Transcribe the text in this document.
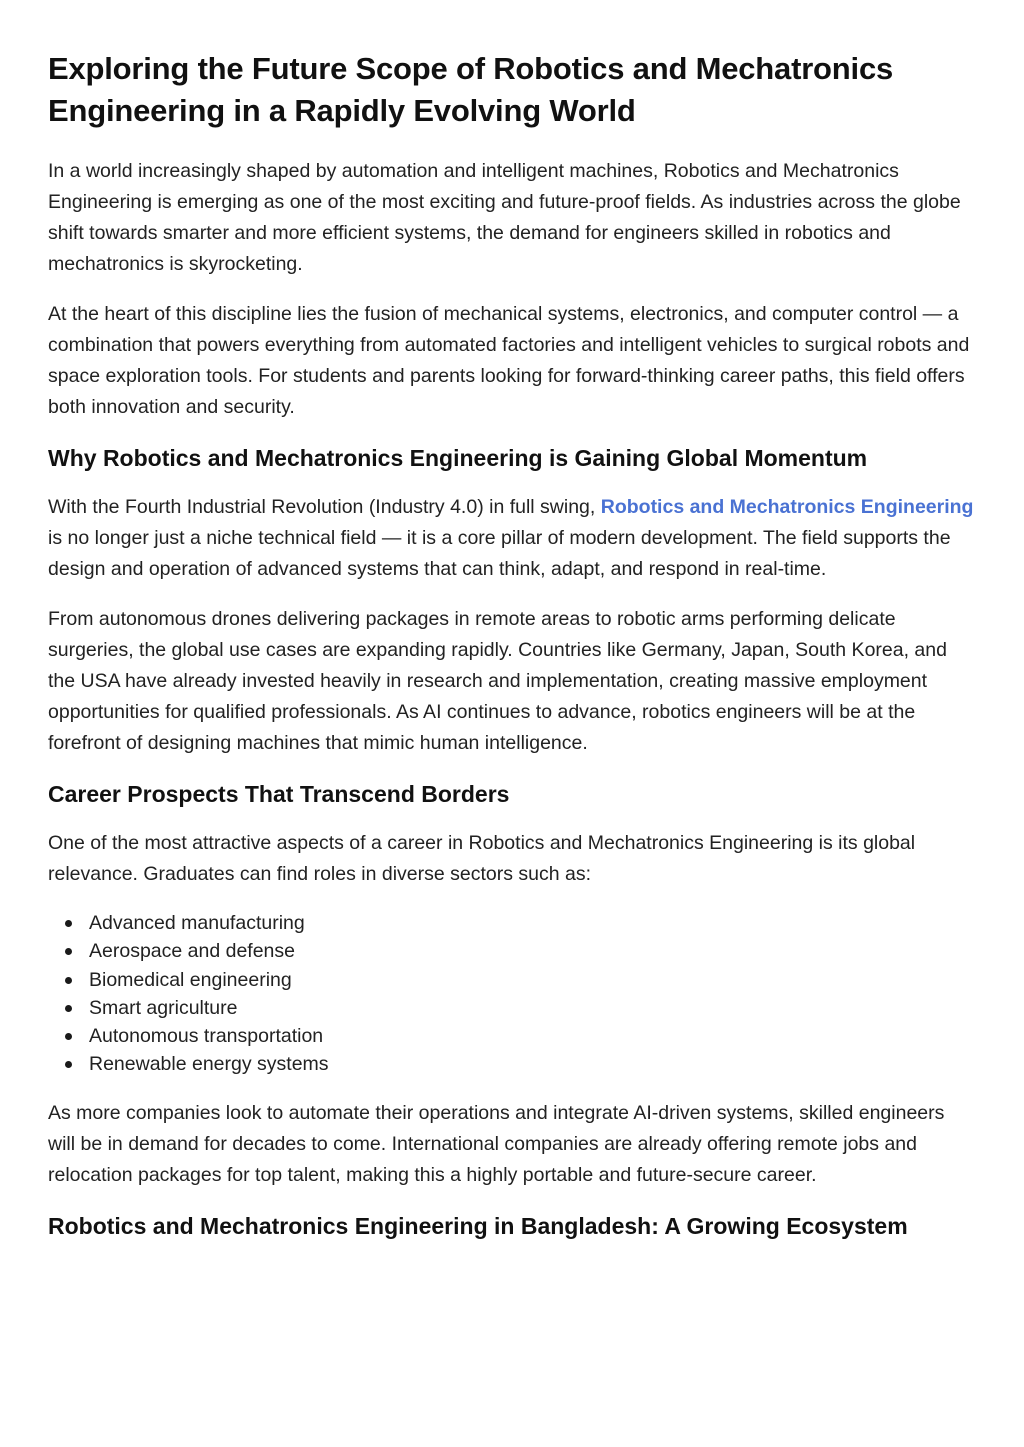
Exploring the Future Scope of Robotics and Mechatronics Engineering in a Rapidly Evolving World

In a world increasingly shaped by automation and intelligent machines, Robotics and Mechatronics Engineering is emerging as one of the most exciting and future-proof fields. As industries across the globe shift towards smarter and more efficient systems, the demand for engineers skilled in robotics and mechatronics is skyrocketing.

At the heart of this discipline lies the fusion of mechanical systems, electronics, and computer control — a combination that powers everything from automated factories and intelligent vehicles to surgical robots and space exploration tools. For students and parents looking for forward-thinking career paths, this field offers both innovation and security.

Why Robotics and Mechatronics Engineering is Gaining Global Momentum

With the Fourth Industrial Revolution (Industry 4.0) in full swing, Robotics and Mechatronics Engineering is no longer just a niche technical field — it is a core pillar of modern development. The field supports the design and operation of advanced systems that can think, adapt, and respond in real-time.

From autonomous drones delivering packages in remote areas to robotic arms performing delicate surgeries, the global use cases are expanding rapidly. Countries like Germany, Japan, South Korea, and the USA have already invested heavily in research and implementation, creating massive employment opportunities for qualified professionals. As AI continues to advance, robotics engineers will be at the forefront of designing machines that mimic human intelligence.

Career Prospects That Transcend Borders

One of the most attractive aspects of a career in Robotics and Mechatronics Engineering is its global relevance. Graduates can find roles in diverse sectors such as:

Advanced manufacturing
Aerospace and defense
Biomedical engineering
Smart agriculture
Autonomous transportation
Renewable energy systems

As more companies look to automate their operations and integrate AI-driven systems, skilled engineers will be in demand for decades to come. International companies are already offering remote jobs and relocation packages for top talent, making this a highly portable and future-secure career.

Robotics and Mechatronics Engineering in Bangladesh: A Growing Ecosystem
